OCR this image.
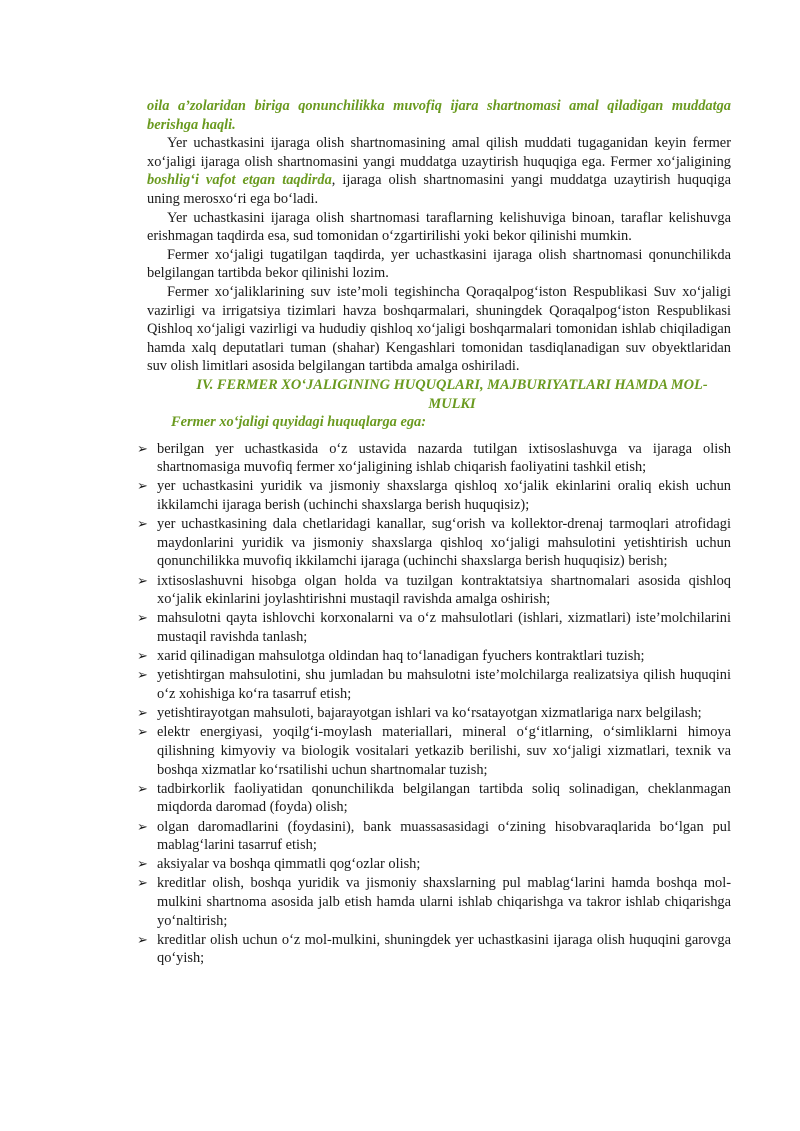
oila a’zolaridan biriga qonunchilikka muvofiq ijara shartnomasi amal qiladigan muddatga berishga haqli.

Yer uchastkasini ijaraga olish shartnomasining amal qilish muddati tugaganidan keyin fermer xo‘jaligi ijaraga olish shartnomasini yangi muddatga uzaytirish huquqiga ega. Fermer xo‘jaligining boshlig‘i vafot etgan taqdirda, ijaraga olish shartnomasini yangi muddatga uzaytirish huquqiga uning merosxo‘ri ega bo‘ladi.

Yer uchastkasini ijaraga olish shartnomasi taraflarning kelishuviga binoan, taraflar kelishuvga erishmagan taqdirda esa, sud tomonidan o‘zgartirilishi yoki bekor qilinishi mumkin.

Fermer xo‘jaligi tugatilgan taqdirda, yer uchastkasini ijaraga olish shartnomasi qonunchilikda belgilangan tartibda bekor qilinishi lozim.

Fermer xo‘jaliklarining suv iste’moli tegishincha Qoraqalpog‘iston Respublikasi Suv xo‘jaligi vazirligi va irrigatsiya tizimlari havza boshqarmalari, shuningdek Qoraqalpog‘iston Respublikasi Qishloq xo‘jaligi vazirligi va hududiy qishloq xo‘jaligi boshqarmalari tomonidan ishlab chiqiladigan hamda xalq deputatlari tuman (shahar) Kengashlari tomonidan tasdiqlanadigan suv obyektlaridan suv olish limitlari asosida belgilangan tartibda amalga oshiriladi.

IV. FERMER XO‘JALIGINING HUQUQLARI, MAJBURIYATLARI HAMDA MOL-MULKI

Fermer xo‘jaligi quyidagi huquqlarga ega:

➢ berilgan yer uchastkasida o‘z ustavida nazarda tutilgan ixtisoslashuvga va ijaraga olish shartnomasiga muvofiq fermer xo‘jaligining ishlab chiqarish faoliyatini tashkil etish;
➢ yer uchastkasini yuridik va jismoniy shaxslarga qishloq xo‘jalik ekinlarini oraliq ekish uchun ikkilamchi ijaraga berish (uchinchi shaxslarga berish huquqisiz);
➢ yer uchastkasining dala chetlaridagi kanallar, sug‘orish va kollektor-drenaj tarmoqlari atrofidagi maydonlarini yuridik va jismoniy shaxslarga qishloq xo‘jaligi mahsulotini yetishtirish uchun qonunchilikka muvofiq ikkilamchi ijaraga (uchinchi shaxslarga berish huquqisiz) berish;
➢ ixtisoslashuvni hisobga olgan holda va tuzilgan kontraktatsiya shartnomalari asosida qishloq xo‘jalik ekinlarini joylashtirishni mustaqil ravishda amalga oshirish;
➢ mahsulotni qayta ishlovchi korxonalarni va o‘z mahsulotlari (ishlari, xizmatlari) iste’molchilarini mustaqil ravishda tanlash;
➢ xarid qilinadigan mahsulotga oldindan haq to‘lanadigan fyuchers kontraktlari tuzish;
➢ yetishtirgan mahsulotini, shu jumladan bu mahsulotni iste’molchilarga realizatsiya qilish huquqini o‘z xohishiga ko‘ra tasarruf etish;
➢ yetishtirayotgan mahsuloti, bajarayotgan ishlari va ko‘rsatayotgan xizmatlariga narx belgilash;
➢ elektr energiyasi, yoqilg‘i-moylash materiallari, mineral o‘g‘itlarning, o‘simliklarni himoya qilishning kimyoviy va biologik vositalari yetkazib berilishi, suv xo‘jaligi xizmatlari, texnik va boshqa xizmatlar ko‘rsatilishi uchun shartnomalar tuzish;
➢ tadbirkorlik faoliyatidan qonunchilikda belgilangan tartibda soliq solinadigan, cheklanmagan miqdorda daromad (foyda) olish;
➢ olgan daromadlarini (foydasini), bank muassasasidagi o‘zining hisobvaraqlarida bo‘lgan pul mablag‘larini tasarruf etish;
➢ aksiyalar va boshqa qimmatli qog‘ozlar olish;
➢ kreditlar olish, boshqa yuridik va jismoniy shaxslarning pul mablag‘larini hamda boshqa mol-mulkini shartnoma asosida jalb etish hamda ularni ishlab chiqarishga va takror ishlab chiqarishga yo‘naltirish;
➢ kreditlar olish uchun o‘z mol-mulkini, shuningdek yer uchastkasini ijaraga olish huquqini garovga qo‘yish;
